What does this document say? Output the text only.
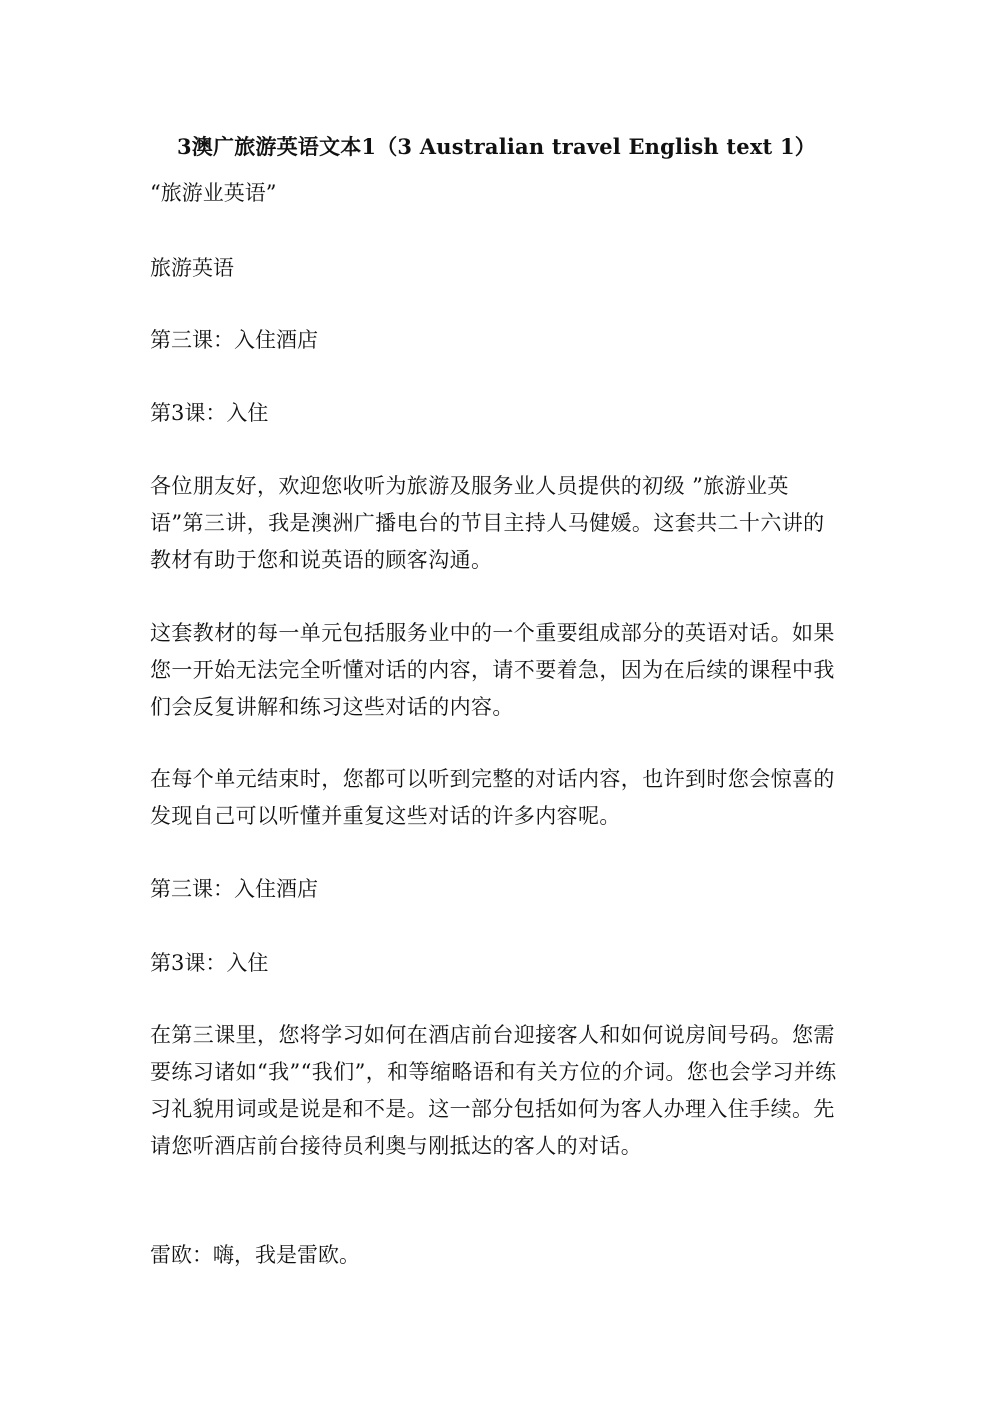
3澳广旅游英语文本1（3 Australian travel English text 1）
“旅游业英语”

旅游英语

第三课：入住酒店

第3课：入住

各位朋友好，欢迎您收听为旅游及服务业人员提供的初级 ”旅游业英语”第三讲，我是澳洲广播电台的节目主持人马健媛。这套共二十六讲的教材有助于您和说英语的顾客沟通。

这套教材的每一单元包括服务业中的一个重要组成部分的英语对话。如果您一开始无法完全听懂对话的内容，请不要着急，因为在后续的课程中我们会反复讲解和练习这些对话的内容。

在每个单元结束时，您都可以听到完整的对话内容，也许到时您会惊喜的发现自己可以听懂并重复这些对话的许多内容呢。

第三课：入住酒店

第3课：入住

在第三课里，您将学习如何在酒店前台迎接客人和如何说房间号码。您需要练习诸如“我”“我们”，和等缩略语和有关方位的介词。您也会学习并练习礼貌用词或是说是和不是。这一部分包括如何为客人办理入住手续。先请您听酒店前台接待员利奥与刚抵达的客人的对话。

雷欧：嗨，我是雷欧。
